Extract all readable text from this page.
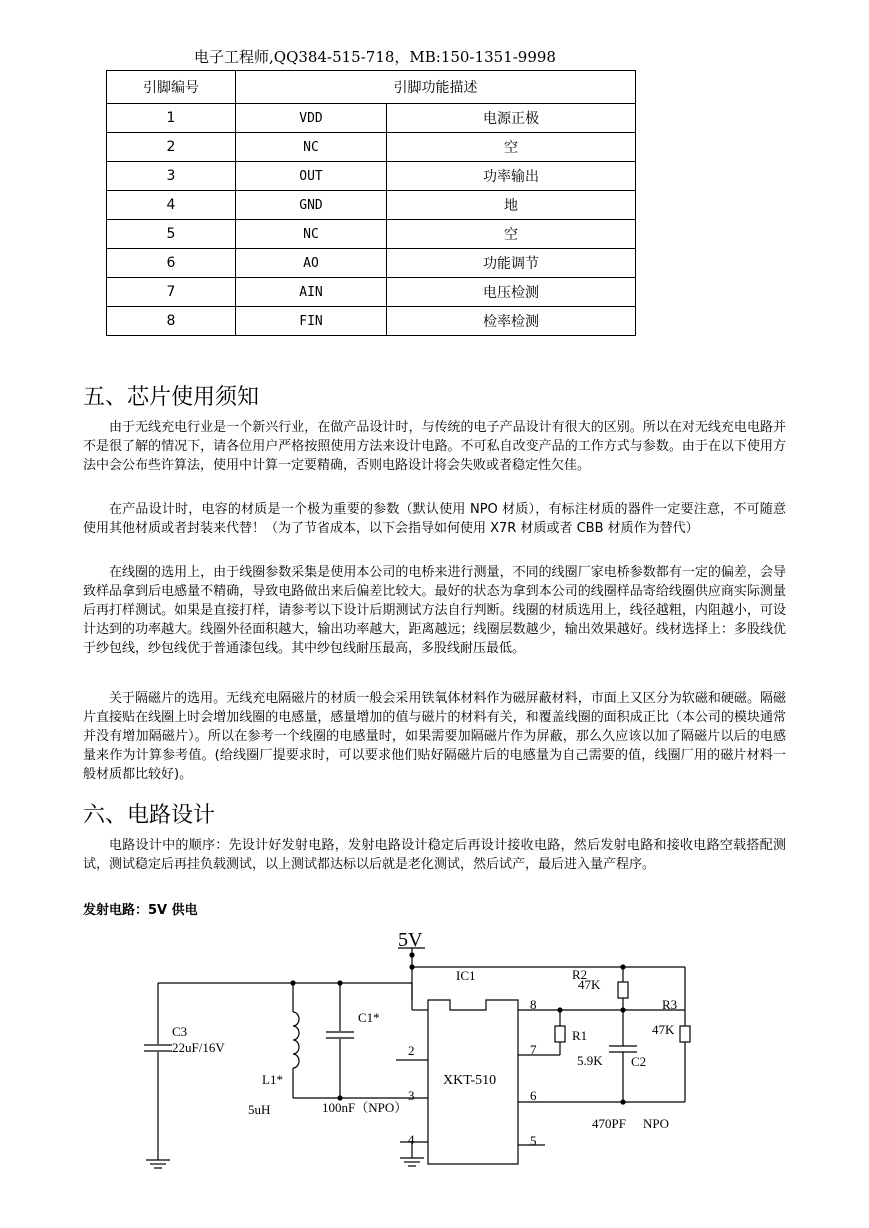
电子工程师,QQ384-515-718，MB:150-1351-9998
引脚编号	引脚功能描述	
1	VDD	电源正极
2	NC	空
3	OUT	功率输出
4	GND	地
5	NC	空
6	AO	功能调节
7	AIN	电压检测
8	FIN	检率检测
五、芯片使用须知

由于无线充电行业是一个新兴行业，在做产品设计时，与传统的电子产品设计有很大的区别。所以在对无线充电电路并不是很了解的情况下，请各位用户严格按照使用方法来设计电路。不可私自改变产品的工作方式与参数。由于在以下使用方法中会公布些许算法，使用中计算一定要精确，否则电路设计将会失败或者稳定性欠佳。

在产品设计时，电容的材质是一个极为重要的参数（默认使用 NPO 材质），有标注材质的器件一定要注意，不可随意使用其他材质或者封装来代替！（为了节省成本，以下会指导如何使用 X7R 材质或者 CBB 材质作为替代）

在线圈的选用上，由于线圈参数采集是使用本公司的电桥来进行测量，不同的线圈厂家电桥参数都有一定的偏差，会导致样品拿到后电感量不精确，导致电路做出来后偏差比较大。最好的状态为拿到本公司的线圈样品寄给线圈供应商实际测量后再打样测试。如果是直接打样，请参考以下设计后期测试方法自行判断。线圈的材质选用上，线径越粗，内阻越小，可设计达到的功率越大。线圈外径面积越大，输出功率越大，距离越远；线圈层数越少，输出效果越好。线材选择上：多股线优于纱包线，纱包线优于普通漆包线。其中纱包线耐压最高，多股线耐压最低。

关于隔磁片的选用。无线充电隔磁片的材质一般会采用铁氧体材料作为磁屏蔽材料，市面上又区分为软磁和硬磁。隔磁片直接贴在线圈上时会增加线圈的电感量，感量增加的值与磁片的材料有关，和覆盖线圈的面积成正比（本公司的模块通常并没有增加隔磁片）。所以在参考一个线圈的电感量时，如果需要加隔磁片作为屏蔽，那么久应该以加了隔磁片以后的电感量来作为计算参考值。(给线圈厂提要求时，可以要求他们贴好隔磁片后的电感量为自己需要的值，线圈厂用的磁片材料一般材质都比较好)。

六、电路设计

电路设计中的顺序：先设计好发射电路，发射电路设计稳定后再设计接收电路，然后发射电路和接收电路空载搭配测试，测试稳定后再挂负载测试，以上测试都达标以后就是老化测试，然后试产，最后进入量产程序。

发射电路：5V 供电

5V
IC1
XKT-510
2
3
4
8
7
6
5
C3
22uF/16V
L1*
5uH
C1*
100nF（NPO）
R2
47K
R1
5.9K C2
470PF NPO
R3
47K
